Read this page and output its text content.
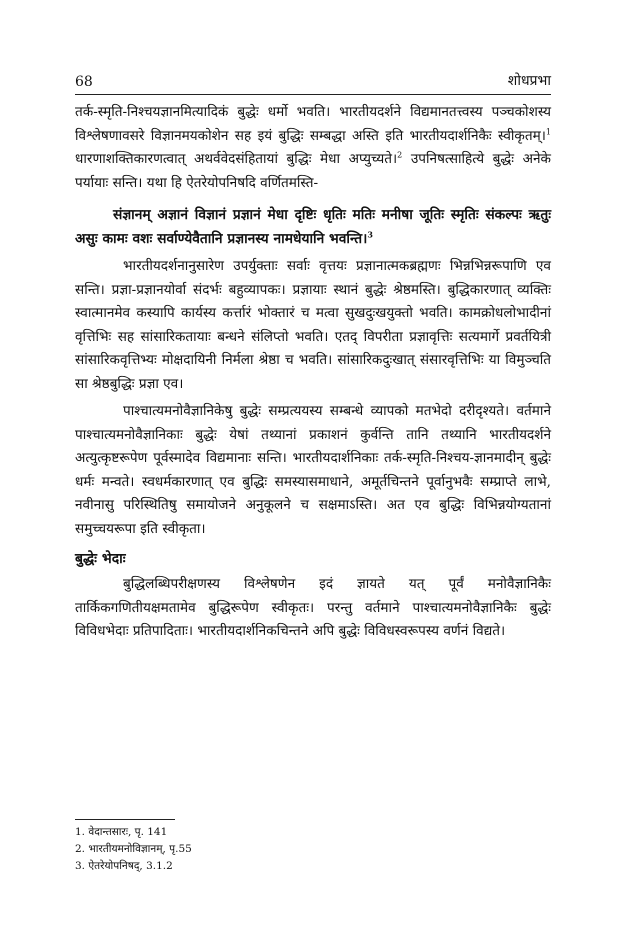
68	शोधप्रभा

तर्क-स्मृति-निश्चयज्ञानमित्यादिकं बुद्धेः धर्मो भवति। भारतीयदर्शने विद्यमानतत्त्वस्य पञ्चकोशस्य विश्लेषणावसरे विज्ञानमयकोशेन सह इयं बुद्धिः सम्बद्धा अस्ति इति भारतीयदार्शनिकैः स्वीकृतम्।$^1$ धारणाशक्तिकारणत्वात् अथर्ववेदसंहितायां बुद्धिः मेधा अप्युच्यते।$^2$ उपनिषत्साहित्ये बुद्धेः अनेके पर्यायाः सन्ति। यथा हि ऐतरेयोपनिषदि वर्णितमस्ति-

संज्ञानम् अज्ञानं विज्ञानं प्रज्ञानं मेधा दृष्टिः धृतिः मतिः मनीषा जूतिः स्मृतिः संकल्पः ऋतुः असुः कामः वशः सर्वाण्येवैतानि प्रज्ञानस्य नामधेयानि भवन्ति।$^3$

भारतीयदर्शनानुसारेण उपर्युक्ताः सर्वाः वृत्तयः प्रज्ञानात्मकब्रह्मणः भिन्नभिन्नरूपाणि एव सन्ति। प्रज्ञा-प्रज्ञानयोर्वा संदर्भः बहुव्यापकः। प्रज्ञायाः स्थानं बुद्धेः श्रेष्ठमस्ति। बुद्धिकारणात् व्यक्तिः स्वात्मानमेव कस्यापि कार्यस्य कर्त्तारं भोक्तारं च मत्वा सुखदुःखयुक्तो भवति। कामक्रोधलोभादीनां वृत्तिभिः सह सांसारिकतायाः बन्धने संलिप्तो भवति। एतद् विपरीता प्रज्ञावृत्तिः सत्यमार्गे प्रवर्तयित्री सांसारिकवृत्तिभ्यः मोक्षदायिनी निर्मला श्रेष्ठा च भवति। सांसारिकदुःखात् संसारवृत्तिभिः या विमुञ्चति सा श्रेष्ठबुद्धिः प्रज्ञा एव।

पाश्चात्यमनोवैज्ञानिकेषु बुद्धेः सम्प्रत्ययस्य सम्बन्धे व्यापको मतभेदो दरीदृश्यते। वर्तमाने पाश्चात्यमनोवैज्ञानिकाः बुद्धेः येषां तथ्यानां प्रकाशनं कुर्वन्ति तानि तथ्यानि भारतीयदर्शने अत्युत्कृष्टरूपेण पूर्वस्मादेव विद्यमानाः सन्ति। भारतीयदार्शनिकाः तर्क-स्मृति-निश्चय-ज्ञानमादीन् बुद्धेः धर्मः मन्वते। स्वधर्मकारणात् एव बुद्धिः समस्यासमाधाने, अमूर्तचिन्तने पूर्वानुभवैः सम्प्राप्ते लाभे, नवीनासु परिस्थितिषु समायोजने अनुकूलने च सक्षमाऽस्ति। अत एव बुद्धिः विभिन्नयोग्यतानां समुच्चयरूपा इति स्वीकृता।

बुद्धेः भेदाः

बुद्धिलब्धिपरीक्षणस्य विश्लेषणेन इदं ज्ञायते यत् पूर्वं मनोवैज्ञानिकैः तार्किकगणितीयक्षमतामेव बुद्धिरूपेण स्वीकृतः। परन्तु वर्तमाने पाश्चात्यमनोवैज्ञानिकैः बुद्धेः विविधभेदाः प्रतिपादिताः। भारतीयदार्शनिकचिन्तने अपि बुद्धेः विविधस्वरूपस्य वर्णनं विद्यते।

1. वेदान्तसारः, पृ. 141
2. भारतीयमनोविज्ञानम्, पृ.55
3. ऐतरेयोपनिषद्, 3.1.2
